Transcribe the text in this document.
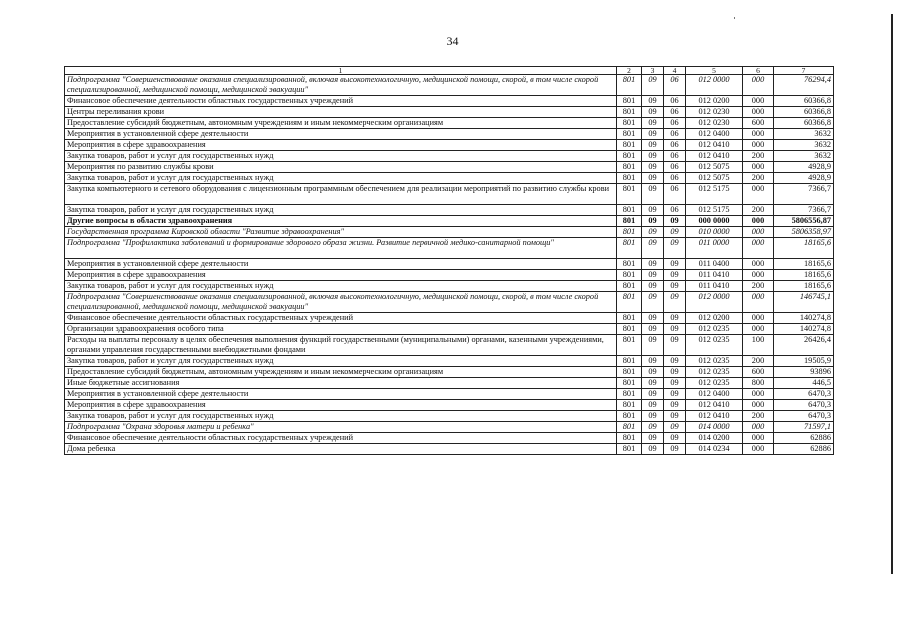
34
1	2	3	4	5	6	7
Подпрограмма "Совершенствование оказания специализированной, включая высокотехнологичную, медицинской помощи, скорой, в том числе скорой специализированной, медицинской помощи, медицинской эвакуации"	801	09	06	012 0000	000	76294,4
Финансовое обеспечение деятельности областных государственных учреждений	801	09	06	012 0200	000	60366,8
Центры переливания крови	801	09	06	012 0230	000	60366,8
Предоставление субсидий бюджетным, автономным учреждениям и иным некоммерческим организациям	801	09	06	012 0230	600	60366,8
Мероприятия в установленной сфере деятельности	801	09	06	012 0400	000	3632
Мероприятия в сфере здравоохранения	801	09	06	012 0410	000	3632
Закупка товаров, работ и услуг для государственных нужд	801	09	06	012 0410	200	3632
Мероприятия по развитию службы крови	801	09	06	012 5075	000	4928,9
Закупка товаров, работ и услуг для государственных нужд	801	09	06	012 5075	200	4928,9
Закупка компьютерного и сетевого оборудования с лицензионным программным обеспечением для реализации мероприятий по развитию службы крови	801	09	06	012 5175	000	7366,7
Закупка товаров, работ и услуг для государственных нужд	801	09	06	012 5175	200	7366,7
Другие вопросы в области здравоохранения	801	09	09	000 0000	000	5806556,87
Государственная программа Кировской области "Развитие здравоохранения"	801	09	09	010 0000	000	5806358,97
Подпрограмма "Профилактика заболеваний и формирование здорового образа жизни. Развитие первичной медико-санитарной помощи"	801	09	09	011 0000	000	18165,6
Мероприятия в установленной сфере деятельности	801	09	09	011 0400	000	18165,6
Мероприятия в сфере здравоохранения	801	09	09	011 0410	000	18165,6
Закупка товаров, работ и услуг для государственных нужд	801	09	09	011 0410	200	18165,6
Подпрограмма "Совершенствование оказания специализированной, включая высокотехнологичную, медицинской помощи, скорой, в том числе скорой специализированной, медицинской помощи, медицинской эвакуации"	801	09	09	012 0000	000	146745,1
Финансовое обеспечение деятельности областных государственных учреждений	801	09	09	012 0200	000	140274,8
Организации здравоохранения особого типа	801	09	09	012 0235	000	140274,8
Расходы на выплаты персоналу в целях обеспечения выполнения функций государственными (муниципальными) органами, казенными учреждениями, органами управления государственными внебюджетными фондами	801	09	09	012 0235	100	26426,4
Закупка товаров, работ и услуг для государственных нужд	801	09	09	012 0235	200	19505,9
Предоставление субсидий бюджетным, автономным учреждениям и иным некоммерческим организациям	801	09	09	012 0235	600	93896
Иные бюджетные ассигнования	801	09	09	012 0235	800	446,5
Мероприятия в установленной сфере деятельности	801	09	09	012 0400	000	6470,3
Мероприятия в сфере здравоохранения	801	09	09	012 0410	000	6470,3
Закупка товаров, работ и услуг для государственных нужд	801	09	09	012 0410	200	6470,3
Подпрограмма "Охрана здоровья матери и ребенка"	801	09	09	014 0000	000	71597,1
Финансовое обеспечение деятельности областных государственных учреждений	801	09	09	014 0200	000	62886
Дома ребенка	801	09	09	014 0234	000	62886
